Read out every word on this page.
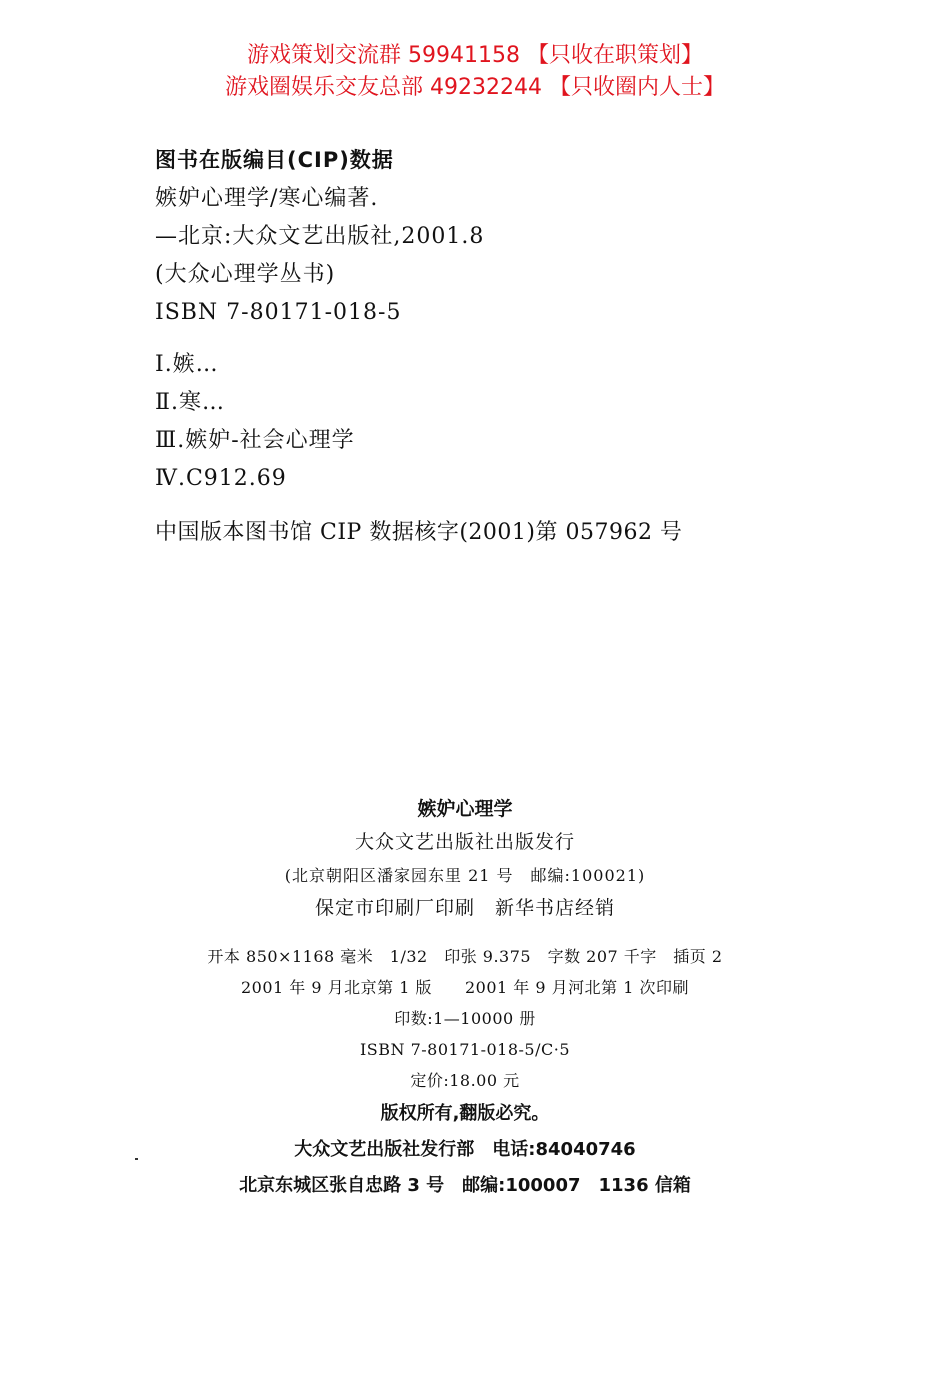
游戏策划交流群 59941158 【只收在职策划】
游戏圈娱乐交友总部 49232244 【只收圈内人士】
图书在版编目(CIP)数据
嫉妒心理学/寒心编著.
—北京:大众文艺出版社,2001.8
(大众心理学丛书)
ISBN 7-80171-018-5
Ⅰ.嫉…
Ⅱ.寒…
Ⅲ.嫉妒-社会心理学
Ⅳ.C912.69
中国版本图书馆 CIP 数据核字(2001)第 057962 号
嫉妒心理学
大众文艺出版社出版发行
(北京朝阳区潘家园东里 21 号　邮编:100021)
保定市印刷厂印刷　新华书店经销
开本 850×1168 毫米　1/32　印张 9.375　字数 207 千字　插页 2
2001 年 9 月北京第 1 版　　2001 年 9 月河北第 1 次印刷
印数:1—10000 册
ISBN 7-80171-018-5/C·5
定价:18.00 元
版权所有,翻版必究。
大众文艺出版社发行部　电话:84040746
北京东城区张自忠路 3 号　邮编:100007　1136 信箱
